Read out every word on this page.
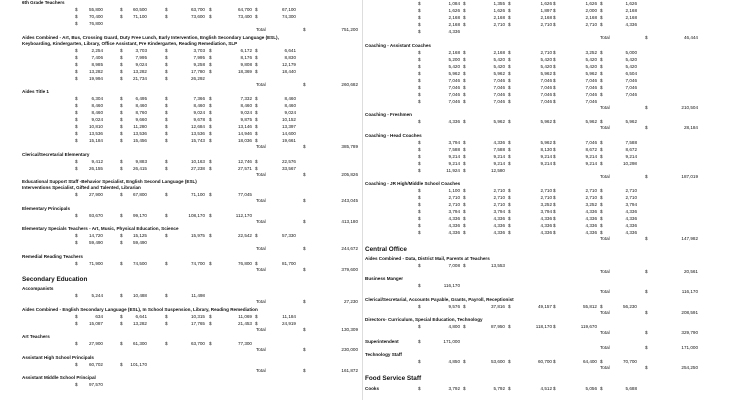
6th Grade Teachers
$ 55,800	$ 60,500	$	63,700 $	64,700 $	67,100
$ 70,400	$ 71,100	$	73,600 $	73,400 $	74,300
$ 76,800
Total	$	751,200
Aides Combined - Art, Bus, Crossing Guard, Duty Free Lunch, Early Intervention, English Secondary Language (ESL),
Keyboarding, Kindergarten, Library, Office Assistant, Pre Kindergarten, Reading Remediation, SLP
$	2,254	$	3,703	$	3,703 $	6,172 $	6,641
$	7,406	$	7,995	$	7,995 $	8,176 $	8,830
$	8,985	$	9,024	$	9,258 $	9,808 $	12,179
$ 13,282	$ 13,282	$	17,780 $	18,369 $	18,440
$ 19,994	$ 21,734	$	26,292
Total	$	260,682
Aides Title 1
$	6,304	$	6,495	$	7,366 $	7,332 $	8,460
$	8,460	$	8,460	$	8,460 $	8,460 $	8,460
$	8,460	$	8,760	$	9,024 $	9,024 $	9,024
$	9,024	$	9,660	$	9,678 $	9,875 $	10,152
$ 10,810	$ 11,280	$	12,684 $	13,146 $	13,397
$ 13,536	$ 13,536	$	13,536 $	14,946 $	14,600
$ 15,184	$ 15,456	$	15,743 $	18,036 $	19,661
Total	$	385,789
Clerical/Secretarial Elementary
$	9,412	$	9,883	$	10,163 $	12,746 $	22,576
$ 26,155	$ 26,415	$	27,238 $	27,571 $	33,567
Total	$	205,826
Educational Support Staff -Behavior Specialist, English Second Language (ESL)
Interventions Specialist, Gifted and Talented, Librarian
$ 27,900	$ 67,800	$	71,100 $	77,045
Total	$	243,045
Elementary Principals
$ 93,670	$ 99,170	$	108,170 $	112,170
Total	$	413,180
Elementary Specials Teachers - Art, Music, Physical Education, Science
$ 14,720	$ 15,125	$	15,975 $	22,542 $	57,330
$ 59,490	$ 59,490
Total	$	244,672
Remedial Reading Teachers
$ 71,900	$ 74,500	$	74,700 $	76,800 $	81,700
Total	$	379,600
Secondary Education
Accompanists
$	5,244	$ 10,488	$	11,498
Total	$	27,230
Aides Combined - English Secondary Language (ESL), In School Suspension, Library, Reading Remediation
$	634	$	6,641	$	10,315 $	11,069 $	11,184
$ 15,087	$ 13,282	$	17,765 $	21,453 $	24,919
Total	$	130,309
Art Teachers
$ 27,900	$ 61,300	$	63,700 $	77,300
Total	$	230,000
Assistant High School Principals
$ 60,702	$ 101,170
Total	$	161,872
Assistant Middle School Principal
$ 97,570
$	1,084 $	1,355 $	1,626 $	1,626 $	1,626
$	1,626 $	1,626 $	1,897 $	2,000 $	2,168
$	2,168 $	2,168 $	2,168 $	2,168 $	2,168
$	2,168 $	2,710 $	2,710 $	2,710 $	4,336
$	4,336
Total	$	46,444
Coaching - Assistant Coaches
$	2,168 $	2,168 $	2,710 $	3,252 $	5,000
$	5,200 $	5,420 $	5,420 $	5,420 $	5,420
$	5,420 $	5,420 $	5,420 $	5,420 $	5,420
$	5,962 $	5,962 $	5,962 $	5,962 $	6,504
$	7,046 $	7,046 $	7,046 $	7,046 $	7,046
$	7,046 $	7,046 $	7,046 $	7,046 $	7,046
$	7,046 $	7,046 $	7,046 $	7,046 $	7,046
$	7,046 $	7,046 $	7,046 $	7,046
Total	$	210,504
Coaching - Freshmen
$	4,336 $	5,962 $	5,962 $	5,962 $	5,962
Total	$	28,184
Coaching - Head Coaches
$	3,794 $	4,336 $	5,962 $	7,046 $	7,588
$	7,588 $	7,588 $	8,130 $	8,672 $	8,672
$	9,214 $	9,214 $	9,214 $	9,214 $	9,214
$	9,214 $	9,214 $	9,214 $	9,214 $	10,298
$	11,924 $	12,580
Total	$	187,019
Coaching - JR High/Middle School Coaches
$	1,100 $	2,710 $	2,710 $	2,710 $	2,710
$	2,710 $	2,710 $	2,710 $	2,710 $	2,710
$	2,710 $	2,710 $	3,252 $	3,252 $	3,794
$	3,794 $	3,794 $	3,794 $	4,336 $	4,336
$	4,336 $	4,336 $	4,336 $	4,336 $	4,336
$	4,336 $	4,336 $	4,336 $	4,336 $	4,336
$	4,336 $	4,336 $	4,336 $	4,336 $	4,336
Total	$	147,982
Central Office
Aides Combined - Data, District Mail, Parents at Teachers
$	7,008 $	13,553
Total	$	20,561
Business Manger
$	116,170
Total	$	116,170
Clerical/Secretarial, Accounts Payable, Grants, Payroll, Receptionist
$	9,576 $	37,816 $	49,157 $	55,812 $	56,230
Total	$	208,591
Directors- Curriculum, Special Education, Technology
$	4,800 $	87,950 $	118,170 $	119,670
Total	$	329,790
Superintendent	$	171,000
Total	$	171,000
Technology Staff
$	4,850 $	53,600 $	60,700 $	64,400 $	70,700
Total	$	254,250
Food Service Staff
Cooks	$	3,792 $	5,792 $	4,512 $	5,056 $	5,688
